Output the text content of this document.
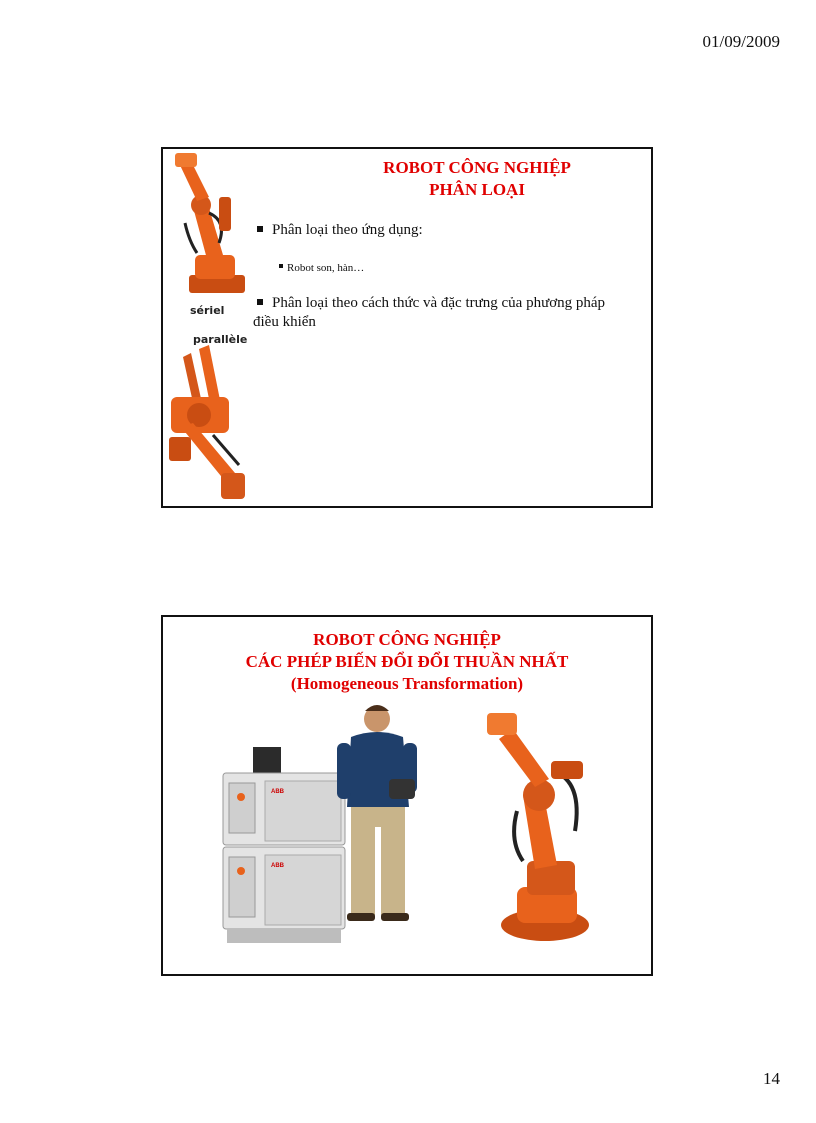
01/09/2009
ROBOT CÔNG NGHIỆP
PHÂN LOẠI
Phân loại theo ứng dụng:
Robot son, hàn…
Phân loại theo cách thức và đặc trưng của phương pháp điều khiển
sériel
parallèle
ROBOT CÔNG NGHIỆP
CÁC PHÉP BIẾN ĐỔI ĐỔI THUẦN NHẤT
(Homogeneous Transformation)
ABB
ABB
14
